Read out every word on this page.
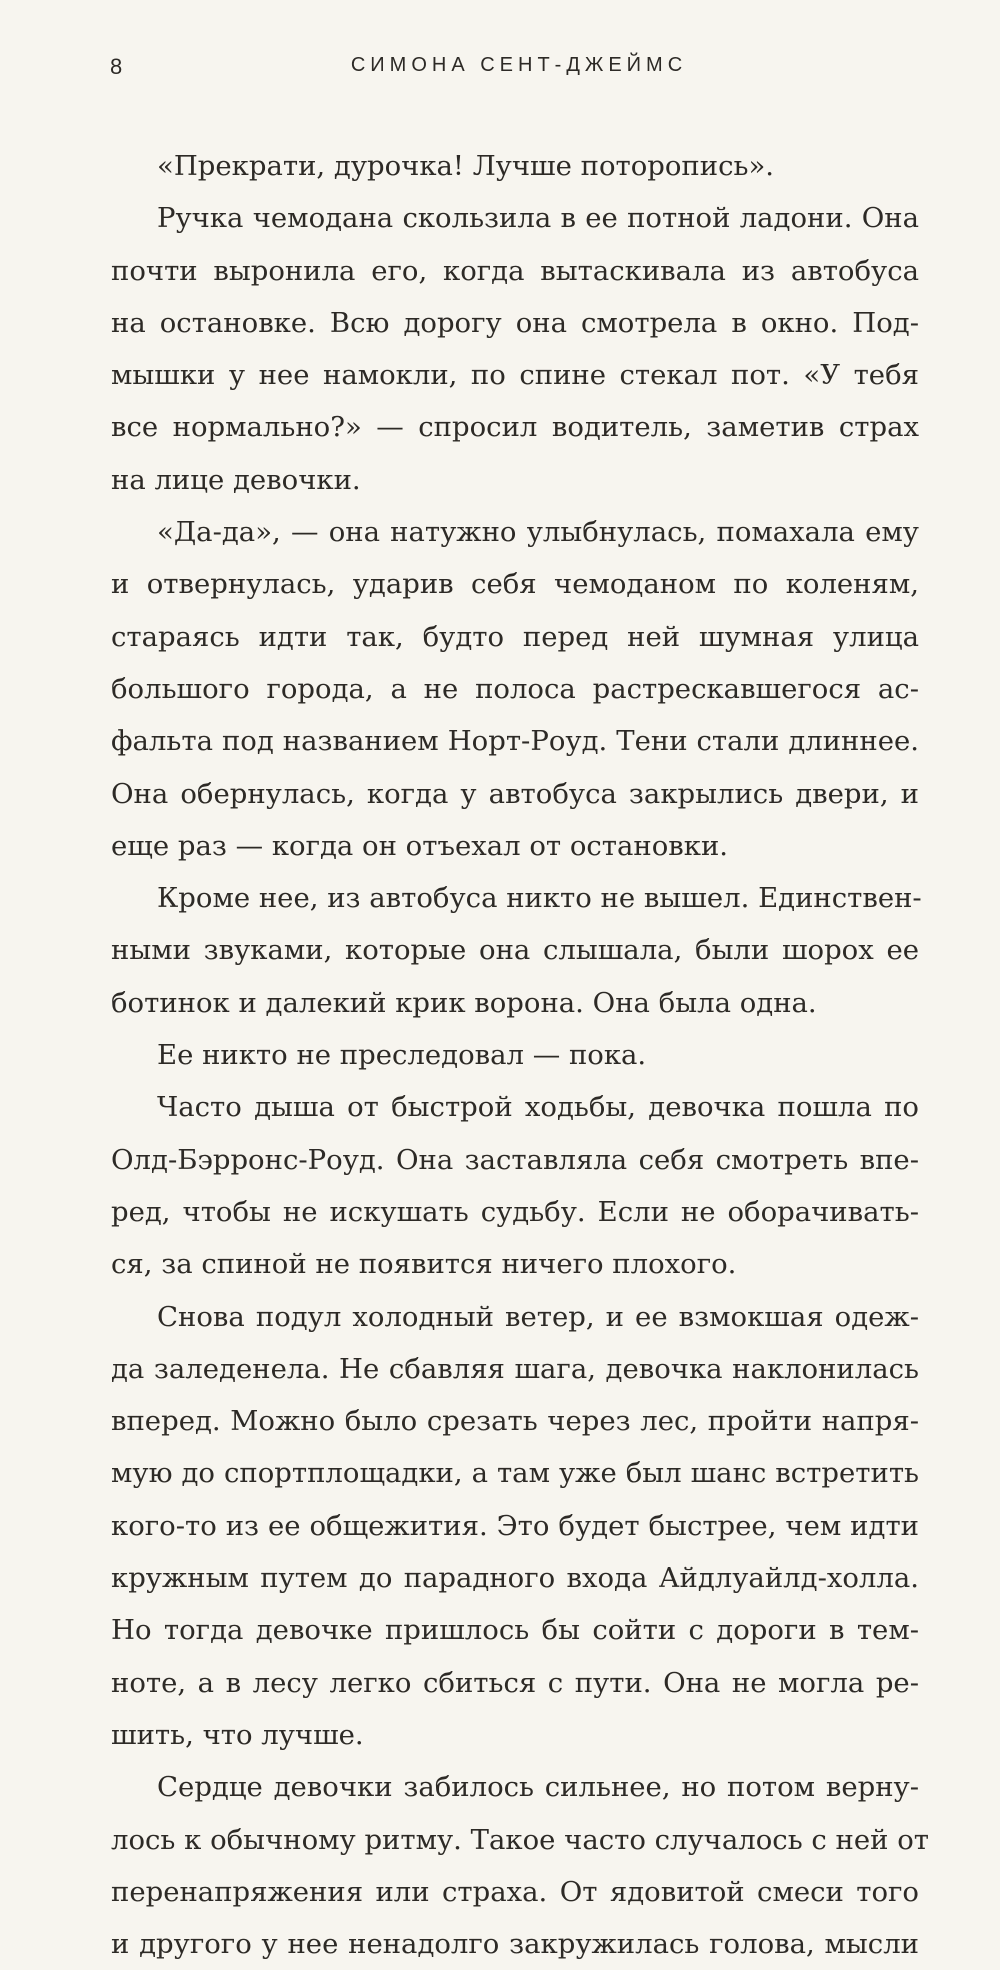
8	СИМОНА СЕНТ-ДЖЕЙМС
«Прекрати, дурочка! Лучше поторопись».
Ручка чемодана скользила в ее потной ладони. Она
почти выронила его, когда вытаскивала из автобуса
на остановке. Всю дорогу она смотрела в окно. Под-
мышки у нее намокли, по спине стекал пот. «У тебя
все нормально?» — спросил водитель, заметив страх
на лице девочки.
«Да-да», — она натужно улыбнулась, помахала ему
и отвернулась, ударив себя чемоданом по коленям,
стараясь идти так, будто перед ней шумная улица
большого города, а не полоса растрескавшегося ас-
фальта под названием Норт-Роуд. Тени стали длиннее.
Она обернулась, когда у автобуса закрылись двери, и
еще раз — когда он отъехал от остановки.
Кроме нее, из автобуса никто не вышел. Единствен-
ными звуками, которые она слышала, были шорох ее
ботинок и далекий крик ворона. Она была одна.
Ее никто не преследовал — пока.
Часто дыша от быстрой ходьбы, девочка пошла по
Олд-Бэрронс-Роуд. Она заставляла себя смотреть впе-
ред, чтобы не искушать судьбу. Если не оборачивать-
ся, за спиной не появится ничего плохого.
Снова подул холодный ветер, и ее взмокшая одеж-
да заледенела. Не сбавляя шага, девочка наклонилась
вперед. Можно было срезать через лес, пройти напря-
мую до спортплощадки, а там уже был шанс встретить
кого-то из ее общежития. Это будет быстрее, чем идти
кружным путем до парадного входа Айдлуайлд-холла.
Но тогда девочке пришлось бы сойти с дороги в тем-
ноте, а в лесу легко сбиться с пути. Она не могла ре-
шить, что лучше.
Сердце девочки забилось сильнее, но потом верну-
лось к обычному ритму. Такое часто случалось с ней от
перенапряжения или страха. От ядовитой смеси того
и другого у нее ненадолго закружилась голова, мысли
